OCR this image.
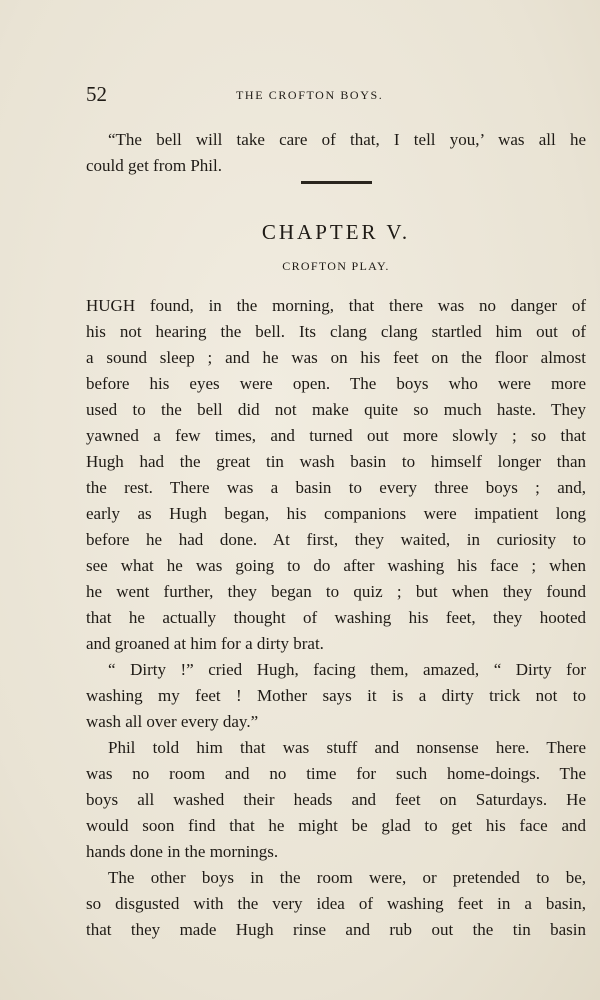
52	THE CROFTON BOYS.
“The bell will take care of that, I tell you,’ was all he
could get from Phil.
CHAPTER V.
CROFTON PLAY.
HUGH found, in the morning, that there was no danger of
his not hearing the bell. Its clang clang startled him out of
a sound sleep ; and he was on his feet on the floor almost
before his eyes were open. The boys who were more
used to the bell did not make quite so much haste. They
yawned a few times, and turned out more slowly ; so that
Hugh had the great tin wash basin to himself longer than
the rest. There was a basin to every three boys ; and,
early as Hugh began, his companions were impatient long
before he had done. At first, they waited, in curiosity to
see what he was going to do after washing his face ; when
he went further, they began to quiz ; but when they found
that he actually thought of washing his feet, they hooted
and groaned at him for a dirty brat.
“ Dirty !” cried Hugh, facing them, amazed, “ Dirty for
washing my feet ! Mother says it is a dirty trick not to
wash all over every day.”
Phil told him that was stuff and nonsense here. There
was no room and no time for such home-doings. The
boys all washed their heads and feet on Saturdays. He
would soon find that he might be glad to get his face and
hands done in the mornings.
The other boys in the room were, or pretended to be,
so disgusted with the very idea of washing feet in a basin,
that they made Hugh rinse and rub out the tin basin
